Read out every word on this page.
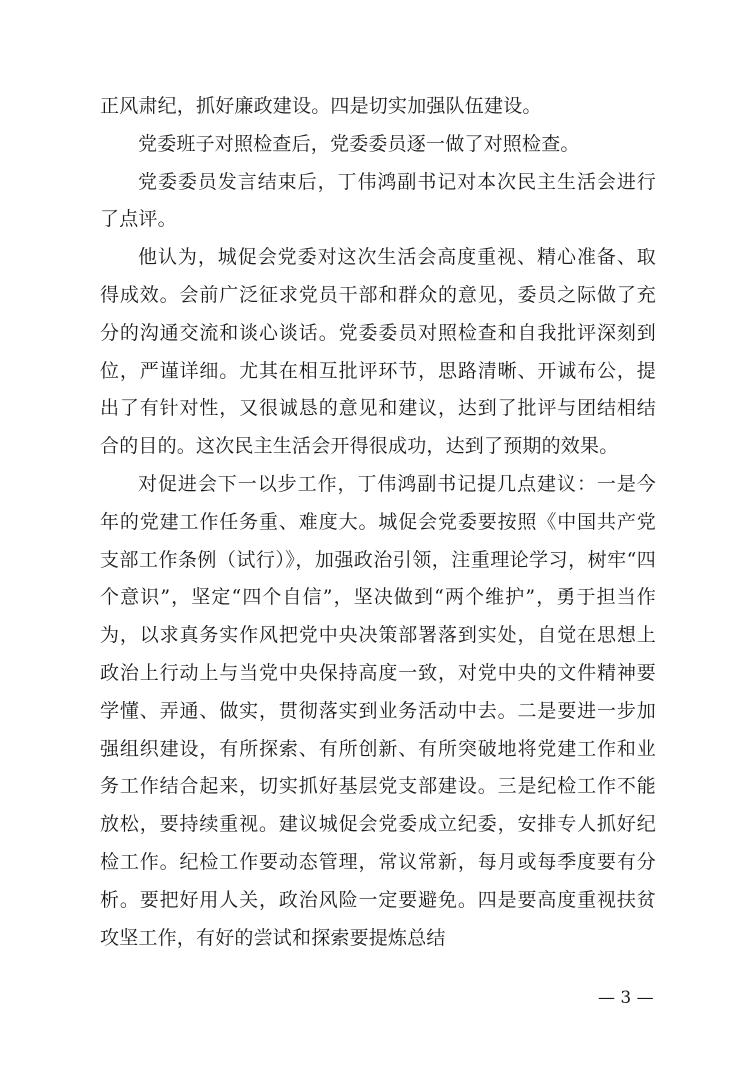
正风肃纪，抓好廉政建设。四是切实加强队伍建设。

党委班子对照检查后，党委委员逐一做了对照检查。

党委委员发言结束后，丁伟鸿副书记对本次民主生活会进行了点评。

他认为，城促会党委对这次生活会高度重视、精心准备、取得成效。会前广泛征求党员干部和群众的意见，委员之际做了充分的沟通交流和谈心谈话。党委委员对照检查和自我批评深刻到位，严谨详细。尤其在相互批评环节，思路清晰、开诚布公，提出了有针对性，又很诚恳的意见和建议，达到了批评与团结相结合的目的。这次民主生活会开得很成功，达到了预期的效果。

对促进会下一以步工作，丁伟鸿副书记提几点建议：一是今年的党建工作任务重、难度大。城促会党委要按照《中国共产党支部工作条例（试行）》，加强政治引领，注重理论学习，树牢“四个意识”，坚定“四个自信”，坚决做到“两个维护”，勇于担当作为，以求真务实作风把党中央决策部署落到实处，自觉在思想上政治上行动上与当党中央保持高度一致，对党中央的文件精神要学懂、弄通、做实，贯彻落实到业务活动中去。二是要进一步加强组织建设，有所探索、有所创新、有所突破地将党建工作和业务工作结合起来，切实抓好基层党支部建设。三是纪检工作不能放松，要持续重视。建议城促会党委成立纪委，安排专人抓好纪检工作。纪检工作要动态管理，常议常新，每月或每季度要有分析。要把好用人关，政治风险一定要避免。四是要高度重视扶贫攻坚工作，有好的尝试和探索要提炼总结

— 3 —
